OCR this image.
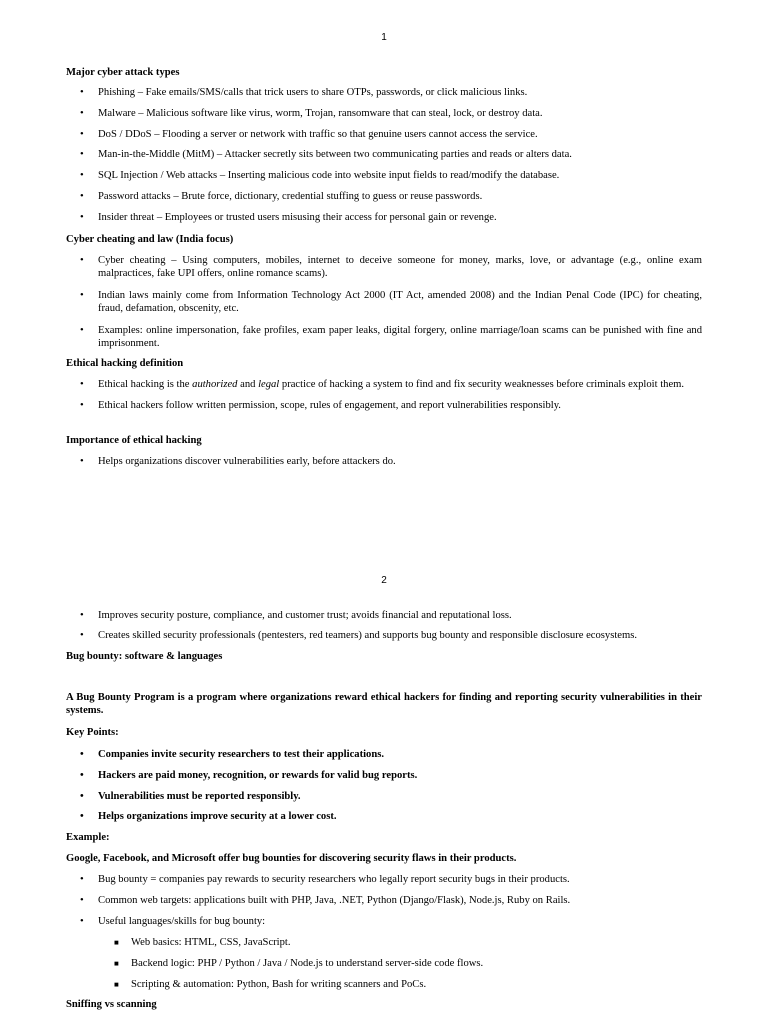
1

Major cyber attack types

• Phishing – Fake emails/SMS/calls that trick users to share OTPs, passwords, or click malicious links.
• Malware – Malicious software like virus, worm, Trojan, ransomware that can steal, lock, or destroy data.
• DoS / DDoS – Flooding a server or network with traffic so that genuine users cannot access the service.
• Man-in-the-Middle (MitM) – Attacker secretly sits between two communicating parties and reads or alters data.
• SQL Injection / Web attacks – Inserting malicious code into website input fields to read/modify the database.
• Password attacks – Brute force, dictionary, credential stuffing to guess or reuse passwords.
• Insider threat – Employees or trusted users misusing their access for personal gain or revenge.

Cyber cheating and law (India focus)

• Cyber cheating – Using computers, mobiles, internet to deceive someone for money, marks, love, or advantage (e.g., online exam malpractices, fake UPI offers, online romance scams).
• Indian laws mainly come from Information Technology Act 2000 (IT Act, amended 2008) and the Indian Penal Code (IPC) for cheating, fraud, defamation, obscenity, etc.
• Examples: online impersonation, fake profiles, exam paper leaks, digital forgery, online marriage/loan scams can be punished with fine and imprisonment.

Ethical hacking definition

• Ethical hacking is the authorized and legal practice of hacking a system to find and fix security weaknesses before criminals exploit them.
• Ethical hackers follow written permission, scope, rules of engagement, and report vulnerabilities responsibly.

Importance of ethical hacking

• Helps organizations discover vulnerabilities early, before attackers do.
2
• Improves security posture, compliance, and customer trust; avoids financial and reputational loss.
• Creates skilled security professionals (pentesters, red teamers) and supports bug bounty and responsible disclosure ecosystems.

Bug bounty: software & languages

A Bug Bounty Program is a program where organizations reward ethical hackers for finding and reporting security vulnerabilities in their systems.

Key Points:

• Companies invite security researchers to test their applications.
• Hackers are paid money, recognition, or rewards for valid bug reports.
• Vulnerabilities must be reported responsibly.
• Helps organizations improve security at a lower cost.

Example:

Google, Facebook, and Microsoft offer bug bounties for discovering security flaws in their products.

• Bug bounty = companies pay rewards to security researchers who legally report security bugs in their products.
• Common web targets: applications built with PHP, Java, .NET, Python (Django/Flask), Node.js, Ruby on Rails.
• Useful languages/skills for bug bounty:
■ Web basics: HTML, CSS, JavaScript.
■ Backend logic: PHP / Python / Java / Node.js to understand server-side code flows.
■ Scripting & automation: Python, Bash for writing scanners and PoCs.

Sniffing vs scanning
